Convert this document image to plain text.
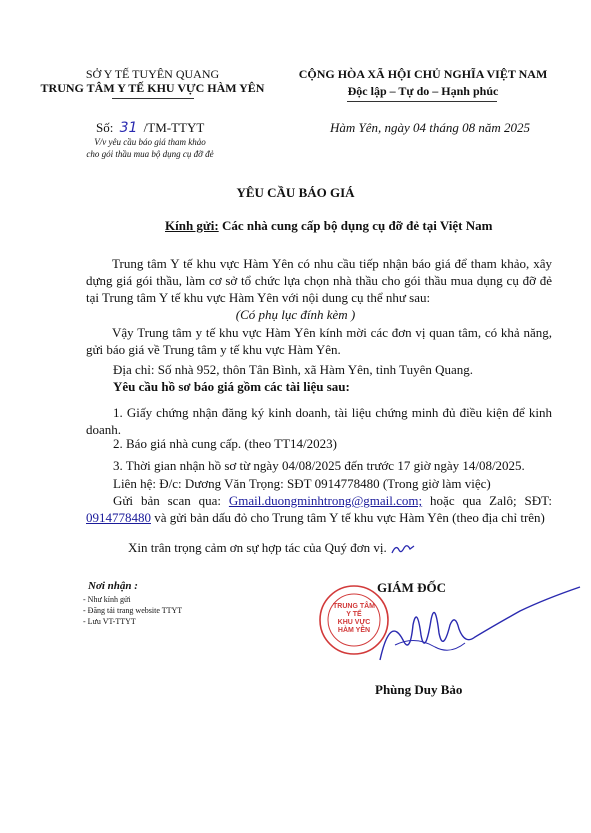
SỞ Y TẾ TUYÊN QUANG
TRUNG TÂM Y TẾ KHU VỰC HÀM YÊN
CỘNG HÒA XÃ HỘI CHỦ NGHĨA VIỆT NAM
Độc lập – Tự do – Hạnh phúc
Số: 31 /TM-TTYT
V/v yêu cầu báo giá tham khảo
cho gói thầu mua bộ dụng cụ đỡ đẻ
Hàm Yên, ngày 04 tháng 08 năm 2025
YÊU CẦU BÁO GIÁ
Kính gửi: Các nhà cung cấp bộ dụng cụ đỡ đẻ tại Việt Nam
Trung tâm Y tế khu vực Hàm Yên có nhu cầu tiếp nhận báo giá để tham khảo, xây dựng giá gói thầu, làm cơ sở tổ chức lựa chọn nhà thầu cho gói thầu mua dụng cụ đỡ đẻ tại Trung tâm Y tế khu vực Hàm Yên với nội dung cụ thể như sau:
(Có phụ lục đính kèm )
Vậy Trung tâm y tế khu vực Hàm Yên kính mời các đơn vị quan tâm, có khả năng, gửi báo giá về Trung tâm y tế khu vực Hàm Yên.
Địa chỉ: Số nhà 952, thôn Tân Bình, xã Hàm Yên, tỉnh Tuyên Quang.
Yêu cầu hồ sơ báo giá gồm các tài liệu sau:
1. Giấy chứng nhận đăng ký kinh doanh, tài liệu chứng minh đủ điều kiện để kinh doanh.
2. Báo giá nhà cung cấp. (theo TT14/2023)
3. Thời gian nhận hồ sơ từ ngày 04/08/2025 đến trước 17 giờ ngày 14/08/2025.
Liên hệ: Đ/c: Dương Văn Trọng: SĐT 0914778480 (Trong giờ làm việc)
Gửi bản scan qua: Gmail.duongminhtrong@gmail.com; hoặc qua Zalô; SĐT: 0914778480 và gửi bản dấu đỏ cho Trung tâm Y tế khu vực Hàm Yên (theo địa chỉ trên)
Xin trân trọng cảm ơn sự hợp tác của Quý đơn vị.
Nơi nhận :
- Như kính gửi
- Đăng tải trang website TTYT
- Lưu VT-TTYT
GIÁM ĐỐC
TRUNG TÂM
Y TẾ
KHU VỰC
HÀM YÊN
Phùng Duy Bảo
